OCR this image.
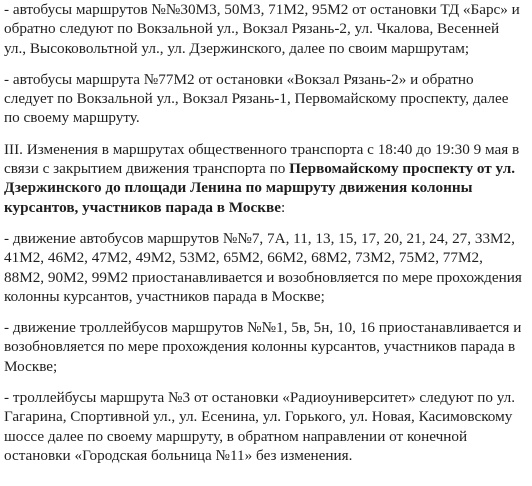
- автобусы маршрутов №№30М3, 50М3, 71М2, 95М2 от остановки ТД «Барс» и обратно следуют по Вокзальной ул., Вокзал Рязань-2, ул. Чкалова, Весенней ул., Высоковольтной ул., ул. Дзержинского, далее по своим маршрутам;

- автобусы маршрута №77М2 от остановки «Вокзал Рязань-2» и обратно следует по Вокзальной ул., Вокзал Рязань-1, Первомайскому проспекту, далее по своему маршруту.

III. Изменения в маршрутах общественного транспорта с 18:40 до 19:30 9 мая в связи с закрытием движения транспорта по Первомайскому проспекту от ул. Дзержинского до площади Ленина по маршруту движения колонны курсантов, участников парада в Москве:

- движение автобусов маршрутов №№7, 7А, 11, 13, 15, 17, 20, 21, 24, 27, 33М2, 41М2, 46М2, 47М2, 49М2, 53М2, 65М2, 66М2, 68М2, 73М2, 75М2, 77М2, 88М2, 90М2, 99М2 приостанавливается и возобновляется по мере прохождения колонны курсантов, участников парада в Москве;

- движение троллейбусов маршрутов №№1, 5в, 5н, 10, 16 приостанавливается и возобновляется по мере прохождения колонны курсантов, участников парада в Москве;

- троллейбусы маршрута №3 от остановки «Радиоуниверситет» следуют по ул. Гагарина, Спортивной ул., ул. Есенина, ул. Горького, ул. Новая, Касимовскому шоссе далее по своему маршруту, в обратном направлении от конечной остановки «Городская больница №11» без изменения.
